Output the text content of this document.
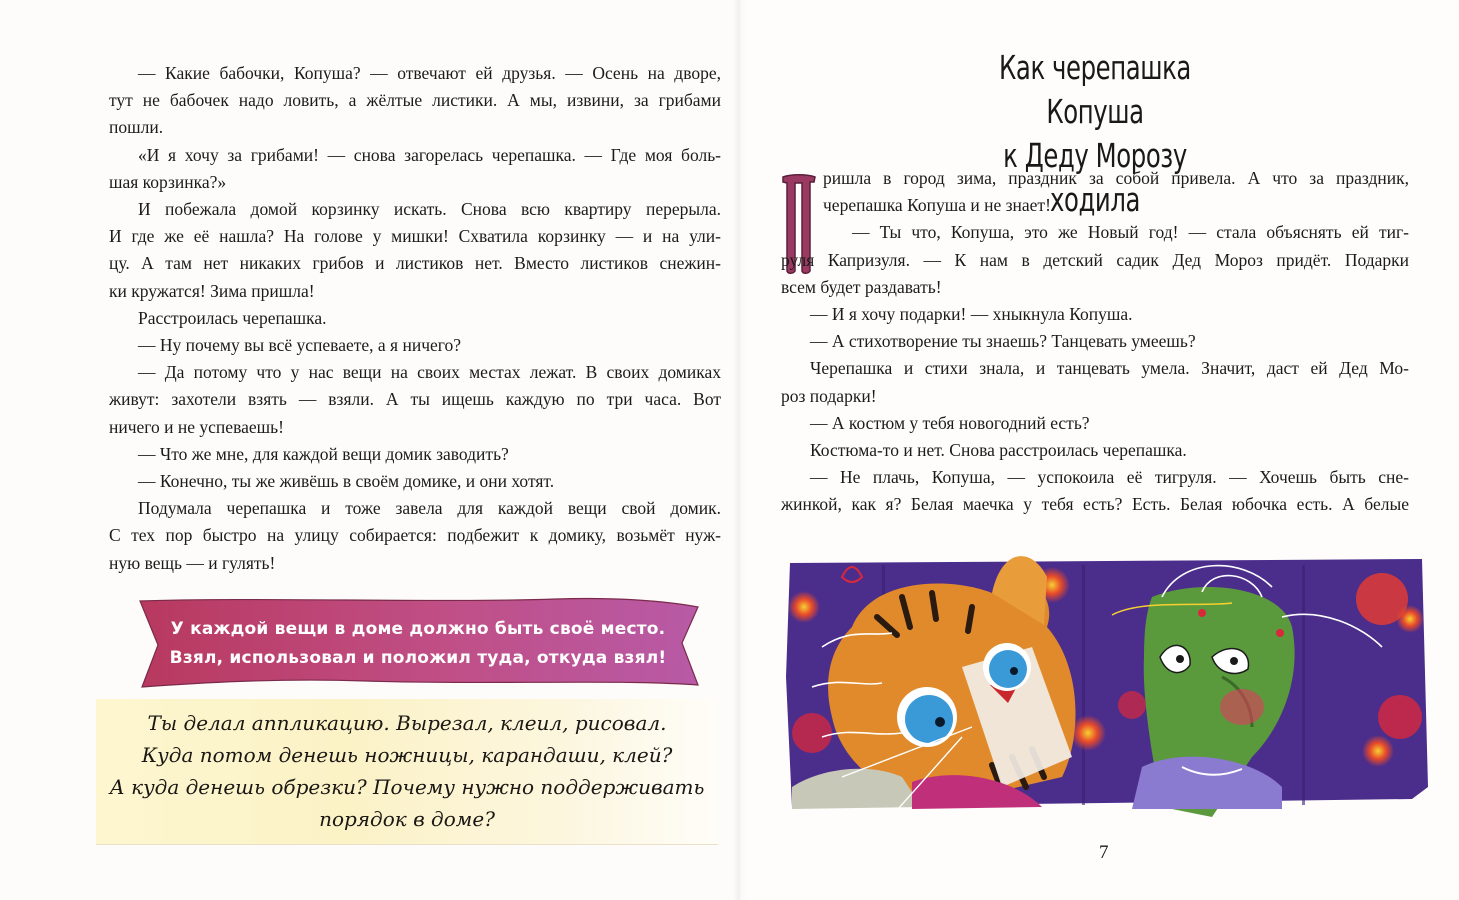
— Какие бабочки, Копуша? — отвечают ей друзья. — Осень на дворе,
тут не бабочек надо ловить, а жёлтые листики. А мы, извини, за грибами
пошли.

«И я хочу за грибами! — снова загорелась черепашка. — Где моя боль-
шая корзинка?»

И побежала домой корзинку искать. Снова всю квартиру перерыла.
И где же её нашла? На голове у мишки! Схватила корзинку — и на ули-
цу. А там нет никаких грибов и листиков нет. Вместо листиков снежин-
ки кружатся! Зима пришла!

Расстроилась черепашка.

— Ну почему вы всё успеваете, а я ничего?

— Да потому что у нас вещи на своих местах лежат. В своих домиках
живут: захотели взять — взяли. А ты ищешь каждую по три часа. Вот
ничего и не успеваешь!

— Что же мне, для каждой вещи домик заводить?

— Конечно, ты же живёшь в своём домике, и они хотят.

Подумала черепашка и тоже завела для каждой вещи свой домик.
С тех пор быстро на улицу собирается: подбежит к домику, возьмёт нуж-
ную вещь — и гулять!

У каждой вещи в доме должно быть своё место.
Взял, использовал и положил туда, откуда взял!
Ты делал аппликацию. Вырезал, клеил, рисовал.
Куда потом денешь ножницы, карандаши, клей?
А куда денешь обрезки? Почему нужно поддерживать
порядок в доме?
Как черепашка Копуша
к Деду Морозу ходила

ришла в город зима, праздник за собой привела. А что за праздник,
черепашка Копуша и не знает!

— Ты что, Копуша, это же Новый год! — стала объяснять ей тиг-
руля Капризуля. — К нам в детский садик Дед Мороз придёт. Подарки
всем будет раздавать!

— И я хочу подарки! — хныкнула Копуша.

— А стихотворение ты знаешь? Танцевать умеешь?

Черепашка и стихи знала, и танцевать умела. Значит, даст ей Дед Мо-
роз подарки!

— А костюм у тебя новогодний есть?

Костюма-то и нет. Снова расстроилась черепашка.

— Не плачь, Копуша, — успокоила её тигруля. — Хочешь быть сне-
жинкой, как я? Белая маечка у тебя есть? Есть. Белая юбочка есть. А белые

7
